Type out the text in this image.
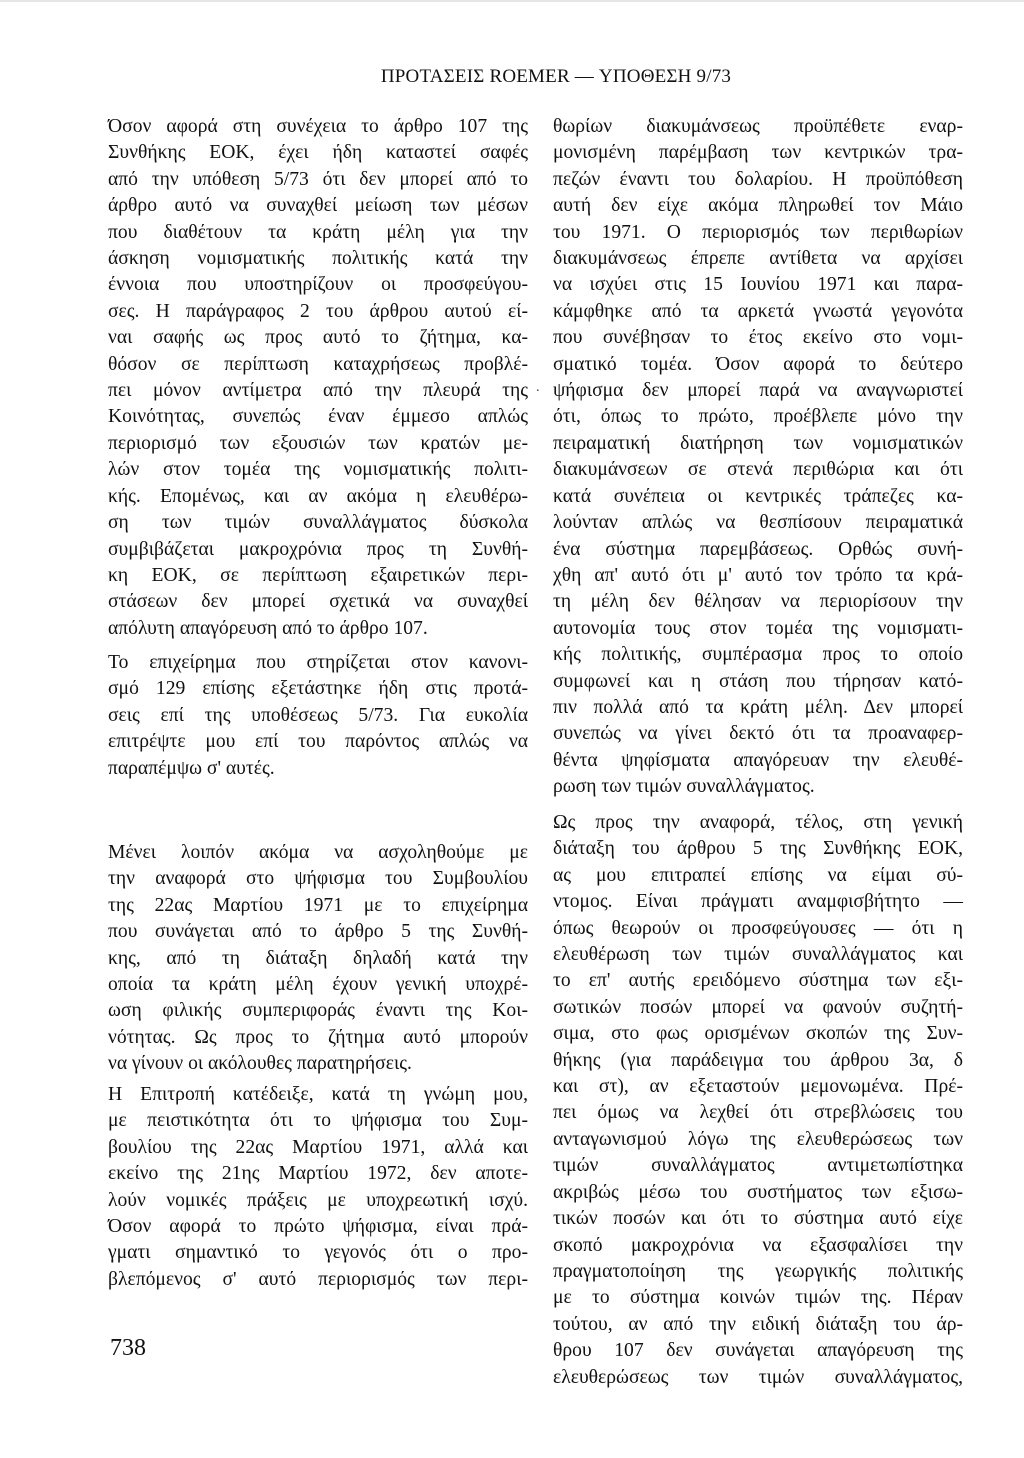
ΠΡΟΤΑΣΕΙΣ ROEMER — ΥΠΟΘΕΣΗ 9/73

Όσον αφορά στη συνέχεια το άρθρο 107 της
Συνθήκης ΕΟΚ, έχει ήδη καταστεί σαφές
από την υπόθεση 5/73 ότι δεν μπορεί από το
άρθρο αυτό να συναχθεί μείωση των μέσων
που διαθέτουν τα κράτη μέλη για την
άσκηση νομισματικής πολιτικής κατά την
έννοια που υποστηρίζουν οι προσφεύγου-
σες. Η παράγραφος 2 του άρθρου αυτού εί-
ναι σαφής ως προς αυτό το ζήτημα, κα-
θόσον σε περίπτωση καταχρήσεως προβλέ-
πει μόνον αντίμετρα από την πλευρά της
Κοινότητας, συνεπώς έναν έμμεσο απλώς
περιορισμό των εξουσιών των κρατών με-
λών στον τομέα της νομισματικής πολιτι-
κής. Επομένως, και αν ακόμα η ελευθέρω-
ση των τιμών συναλλάγματος δύσκολα
συμβιβάζεται μακροχρόνια προς τη Συνθή-
κη ΕΟΚ, σε περίπτωση εξαιρετικών περι-
στάσεων δεν μπορεί σχετικά να συναχθεί
απόλυτη απαγόρευση από το άρθρο 107.

Το επιχείρημα που στηρίζεται στον κανονι-
σμό 129 επίσης εξετάστηκε ήδη στις προτά-
σεις επί της υποθέσεως 5/73. Για ευκολία
επιτρέψτε μου επί του παρόντος απλώς να
παραπέμψω σ' αυτές.

Μένει λοιπόν ακόμα να ασχοληθούμε με
την αναφορά στο ψήφισμα του Συμβουλίου
της 22ας Μαρτίου 1971 με το επιχείρημα
που συνάγεται από το άρθρο 5 της Συνθή-
κης, από τη διάταξη δηλαδή κατά την
οποία τα κράτη μέλη έχουν γενική υποχρέ-
ωση φιλικής συμπεριφοράς έναντι της Κοι-
νότητας. Ως προς το ζήτημα αυτό μπορούν
να γίνουν οι ακόλουθες παρατηρήσεις.

Η Επιτροπή κατέδειξε, κατά τη γνώμη μου,
με πειστικότητα ότι το ψήφισμα του Συμ-
βουλίου της 22ας Μαρτίου 1971, αλλά και
εκείνο της 21ης Μαρτίου 1972, δεν αποτε-
λούν νομικές πράξεις με υποχρεωτική ισχύ.
Όσον αφορά το πρώτο ψήφισμα, είναι πρά-
γματι σημαντικό το γεγονός ότι ο προ-
βλεπόμενος σ' αυτό περιορισμός των περι-

.

θωρίων διακυμάνσεως προϋπέθετε εναρ-
μονισμένη παρέμβαση των κεντρικών τρα-
πεζών έναντι του δολαρίου. Η προϋπόθεση
αυτή δεν είχε ακόμα πληρωθεί τον Μάιο
του 1971. Ο περιορισμός των περιθωρίων
διακυμάνσεως έπρεπε αντίθετα να αρχίσει
να ισχύει στις 15 Ιουνίου 1971 και παρα-
κάμφθηκε από τα αρκετά γνωστά γεγονότα
που συνέβησαν το έτος εκείνο στο νομι-
σματικό τομέα. Όσον αφορά το δεύτερο
ψήφισμα δεν μπορεί παρά να αναγνωριστεί
ότι, όπως το πρώτο, προέβλεπε μόνο την
πειραματική διατήρηση των νομισματικών
διακυμάνσεων σε στενά περιθώρια και ότι
κατά συνέπεια οι κεντρικές τράπεζες κα-
λούνταν απλώς να θεσπίσουν πειραματικά
ένα σύστημα παρεμβάσεως. Ορθώς συνή-
χθη απ' αυτό ότι μ' αυτό τον τρόπο τα κρά-
τη μέλη δεν θέλησαν να περιορίσουν την
αυτονομία τους στον τομέα της νομισματι-
κής πολιτικής, συμπέρασμα προς το οποίο
συμφωνεί και η στάση που τήρησαν κατό-
πιν πολλά από τα κράτη μέλη. Δεν μπορεί
συνεπώς να γίνει δεκτό ότι τα προαναφερ-
θέντα ψηφίσματα απαγόρευαν την ελευθέ-
ρωση των τιμών συναλλάγματος.

Ως προς την αναφορά, τέλος, στη γενική
διάταξη του άρθρου 5 της Συνθήκης ΕΟΚ,
ας μου επιτραπεί επίσης να είμαι σύ-
ντομος. Είναι πράγματι αναμφισβήτητο —
όπως θεωρούν οι προσφεύγουσες — ότι η
ελευθέρωση των τιμών συναλλάγματος και
το επ' αυτής ερειδόμενο σύστημα των εξι-
σωτικών ποσών μπορεί να φανούν συζητή-
σιμα, στο φως ορισμένων σκοπών της Συν-
θήκης (για παράδειγμα του άρθρου 3α, δ
και στ), αν εξεταστούν μεμονωμένα. Πρέ-
πει όμως να λεχθεί ότι στρεβλώσεις του
ανταγωνισμού λόγω της ελευθερώσεως των
τιμών συναλλάγματος αντιμετωπίστηκα
ακριβώς μέσω του συστήματος των εξισω-
τικών ποσών και ότι το σύστημα αυτό είχε
σκοπό μακροχρόνια να εξασφαλίσει την
πραγματοποίηση της γεωργικής πολιτικής
με το σύστημα κοινών τιμών της. Πέραν
τούτου, αν από την ειδική διάταξη του άρ-
θρου 107 δεν συνάγεται απαγόρευση της
ελευθερώσεως των τιμών συναλλάγματος,

738
